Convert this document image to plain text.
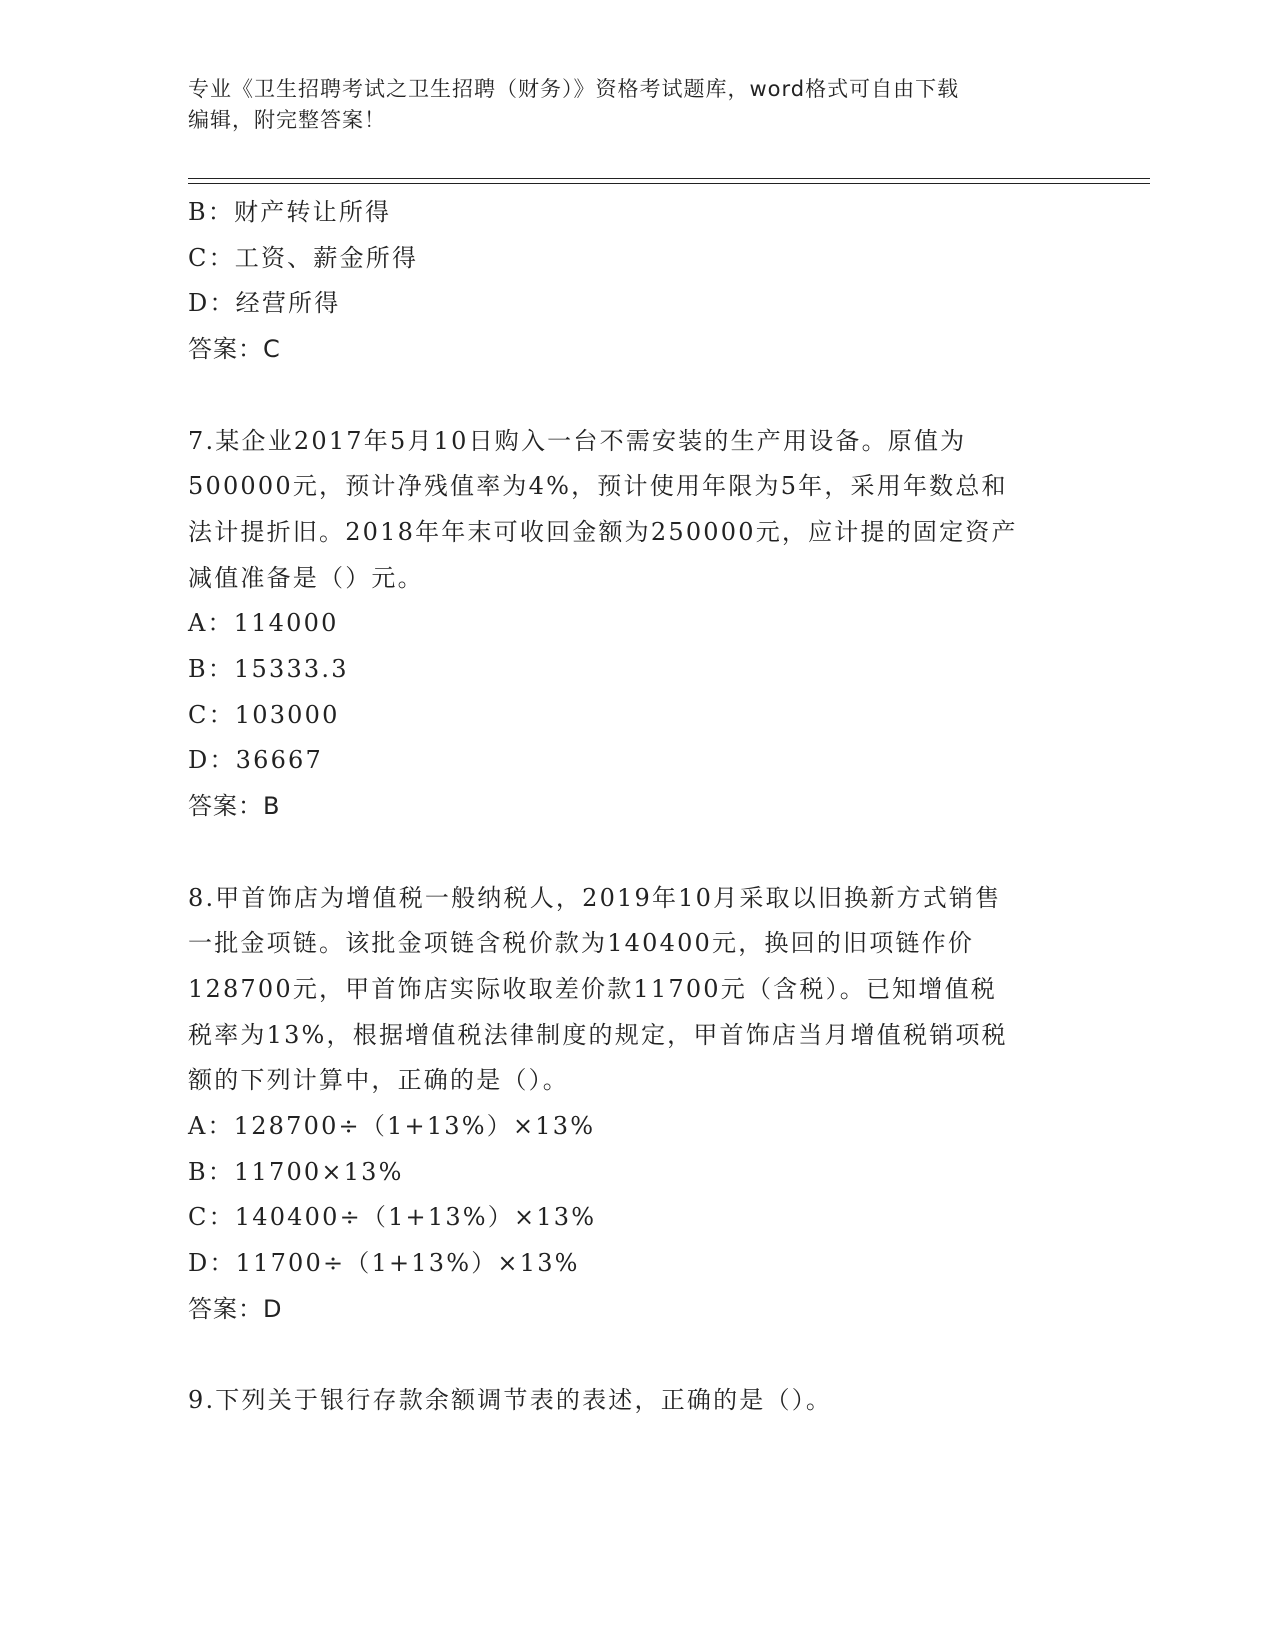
专业《卫生招聘考试之卫生招聘（财务）》资格考试题库，word格式可自由下载
编辑，附完整答案！
B：财产转让所得
C：工资、薪金所得
D：经营所得
答案：C
7.某企业2017年5月10日购入一台不需安装的生产用设备。原值为
500000元，预计净残值率为4%，预计使用年限为5年，采用年数总和
法计提折旧。2018年年末可收回金额为250000元，应计提的固定资产
减值准备是（）元。
A：114000
B：15333.3
C：103000
D：36667
答案：B
8.甲首饰店为增值税一般纳税人，2019年10月采取以旧换新方式销售
一批金项链。该批金项链含税价款为140400元，换回的旧项链作价
128700元，甲首饰店实际收取差价款11700元（含税）。已知增值税
税率为13%，根据增值税法律制度的规定，甲首饰店当月增值税销项税
额的下列计算中，正确的是（）。
A：128700÷（1+13%）×13%
B：11700×13%
C：140400÷（1+13%）×13%
D：11700÷（1+13%）×13%
答案：D
9.下列关于银行存款余额调节表的表述，正确的是（）。
